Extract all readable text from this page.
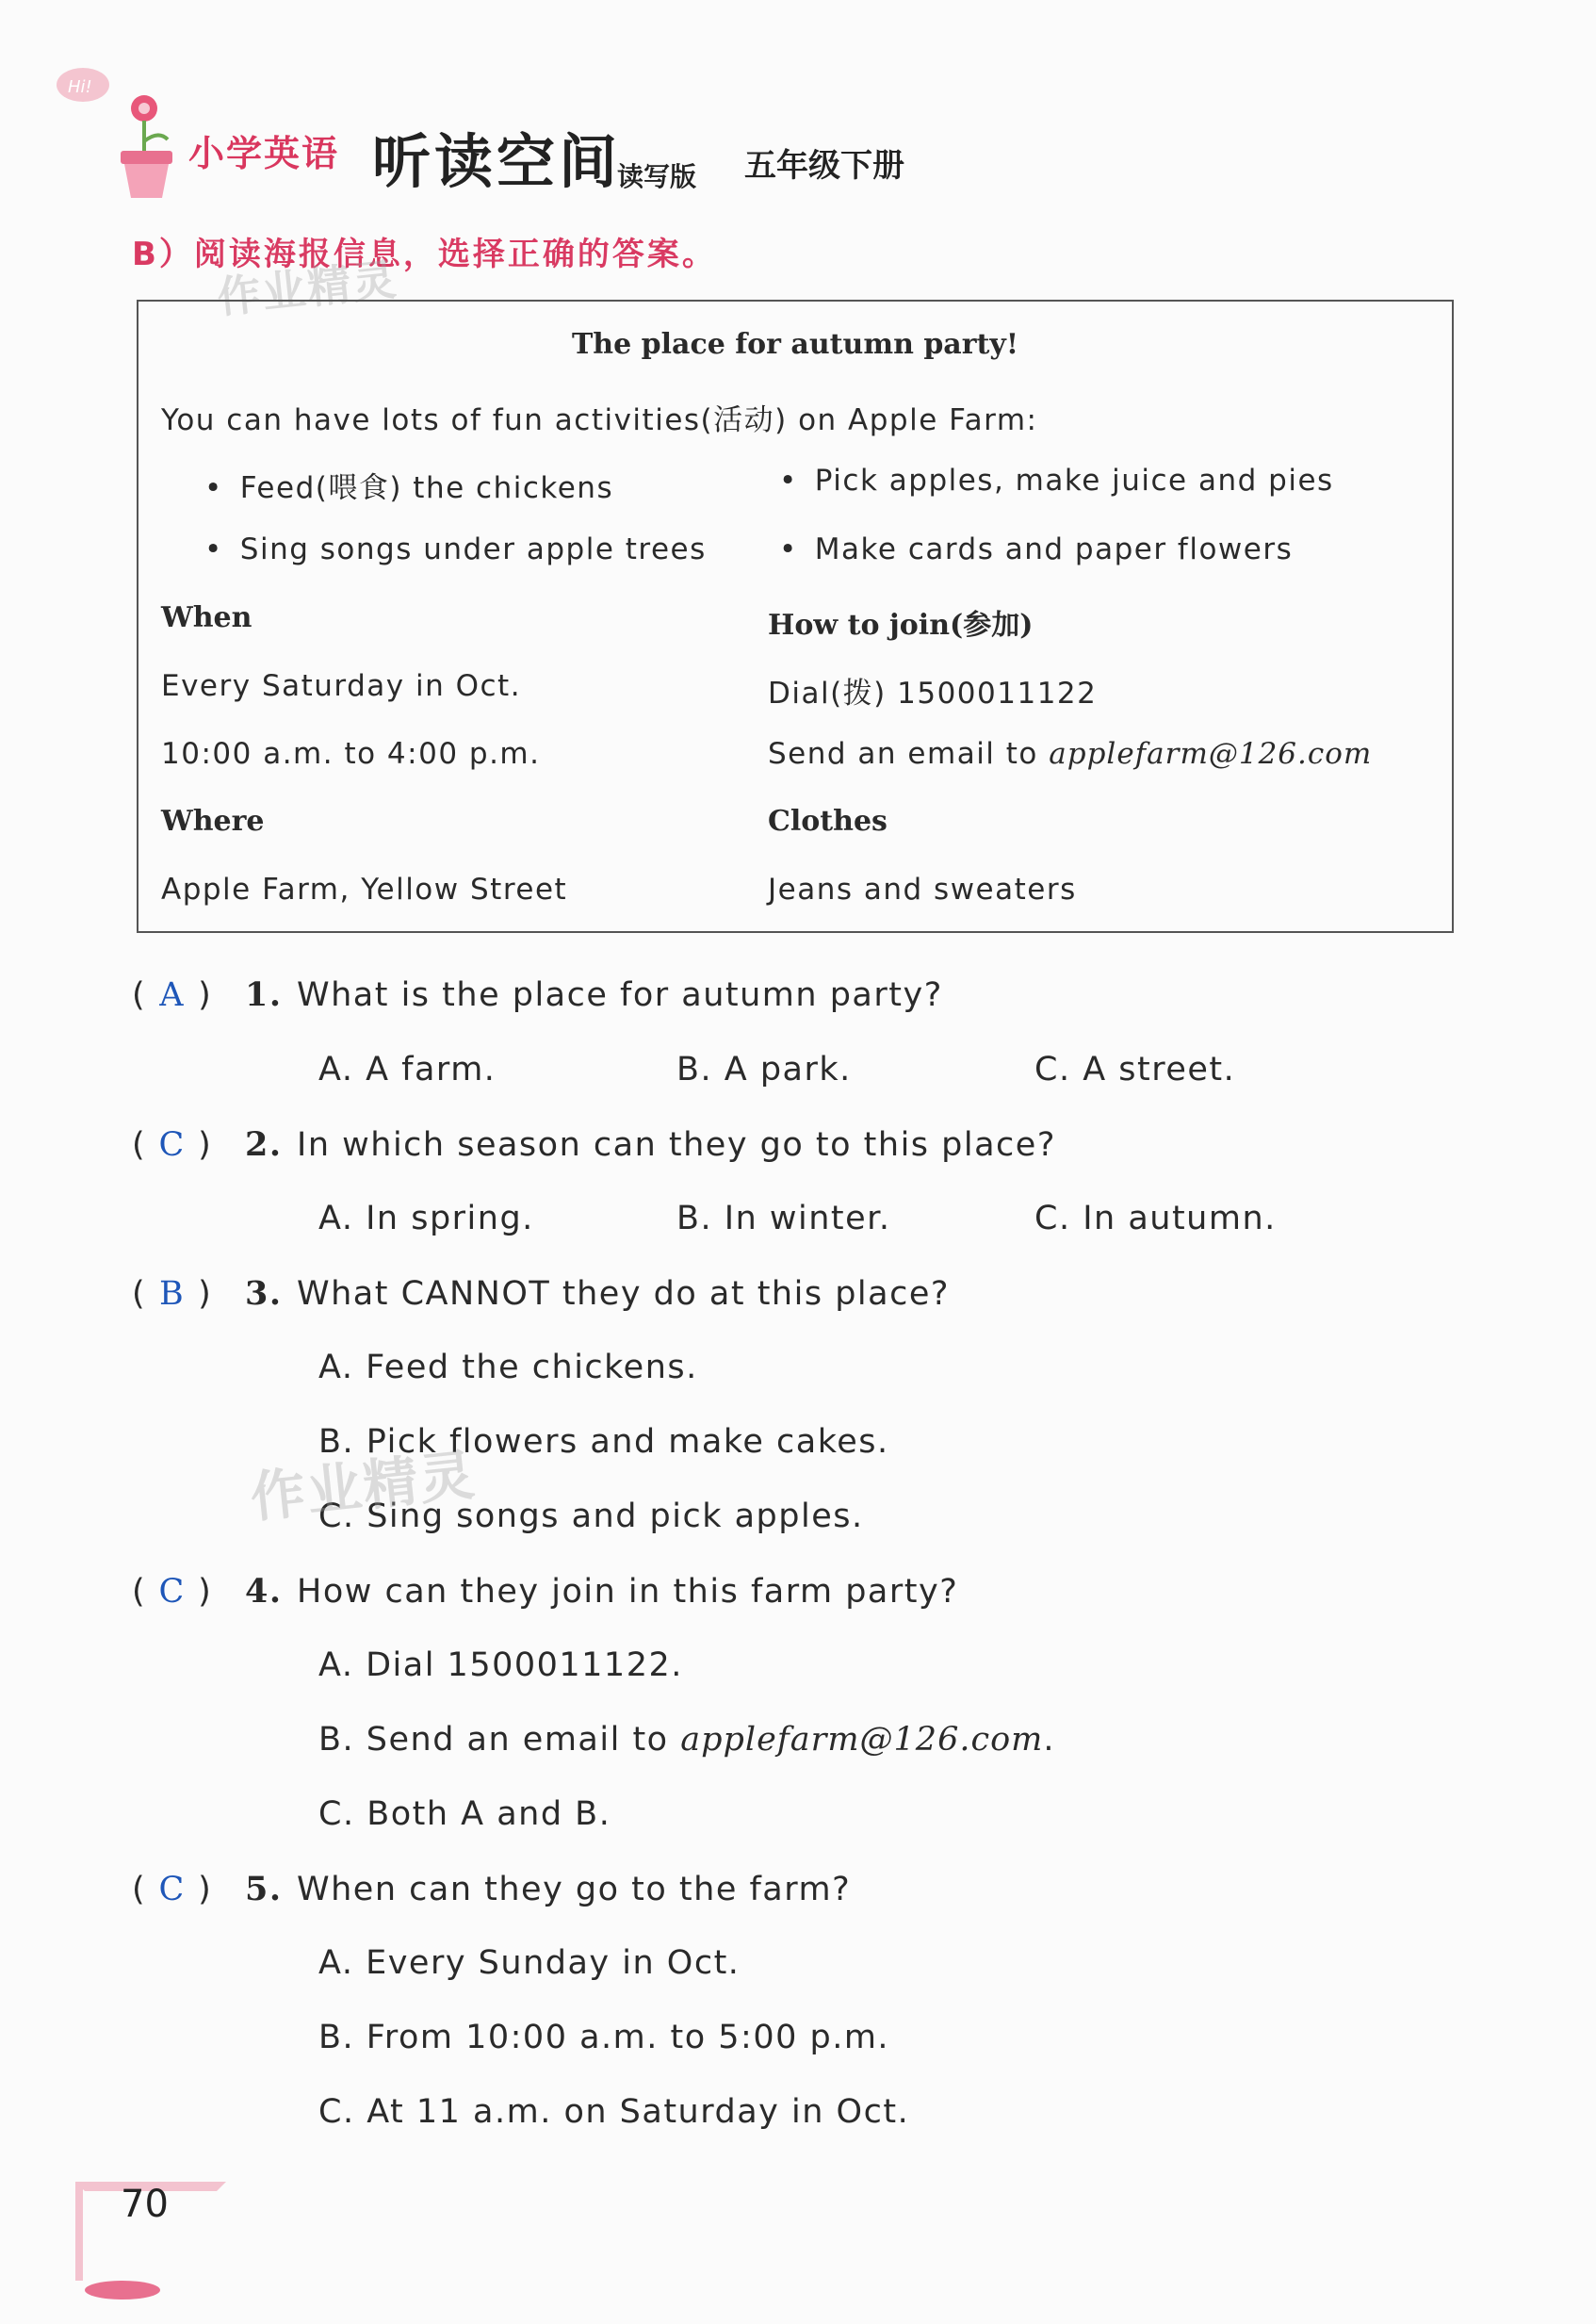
Hi!
小学英语 听读空间
读写版 五年级下册
B）阅读海报信息，选择正确的答案。
作业精灵
The place for autumn party!
You can have lots of fun activities(活动) on Apple Farm:
• Feed(喂食) the chickens	• Pick apples, make juice and pies
• Sing songs under apple trees	• Make cards and paper flowers
When	How to join(参加)
Every Saturday in Oct.	Dial(拨) 1500011122
10:00 a.m. to 4:00 p.m.	Send an email to applefarm@126.com
Where	Clothes
Apple Farm, Yellow Street	Jeans and sweaters
( A ) 1. What is the place for autumn party?
A. A farm.	B. A park.	C. A street.
( C ) 2. In which season can they go to this place?
A. In spring.	B. In winter.	C. In autumn.
( B ) 3. What CANNOT they do at this place?
A. Feed the chickens.
B. Pick flowers and make cakes.
C. Sing songs and pick apples.
作业精灵
( C ) 4. How can they join in this farm party?
A. Dial 1500011122.
B. Send an email to applefarm@126.com.
C. Both A and B.
( C ) 5. When can they go to the farm?
A. Every Sunday in Oct.
B. From 10:00 a.m. to 5:00 p.m.
C. At 11 a.m. on Saturday in Oct.
70
